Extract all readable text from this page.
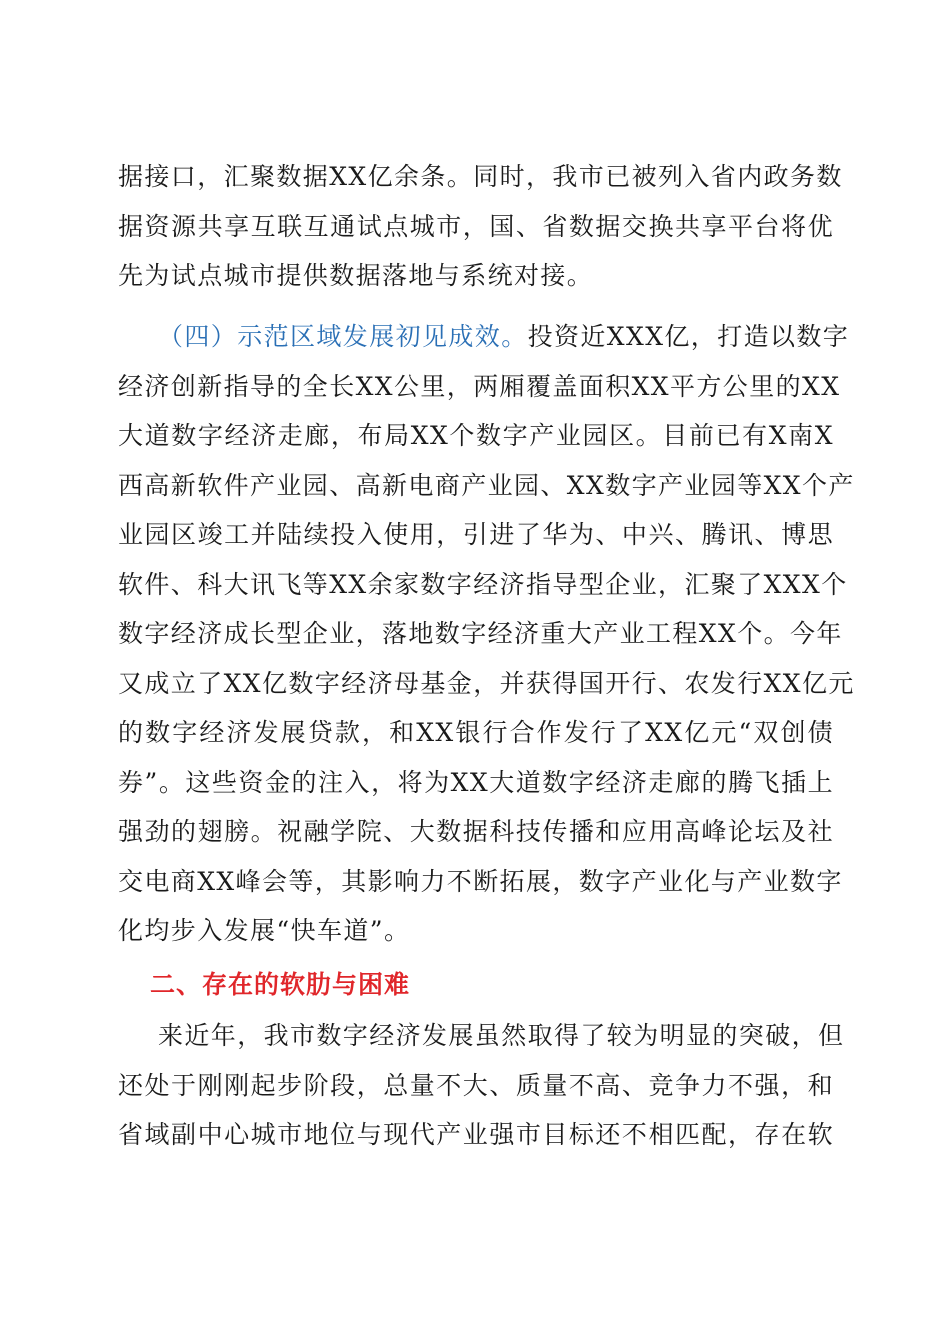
据接口，汇聚数据XX亿余条。同时，我市已被列入省内政务数
据资源共享互联互通试点城市，国、省数据交换共享平台将优
先为试点城市提供数据落地与系统对接。

（四）示范区域发展初见成效。投资近XXX亿，打造以数字
经济创新指导的全长XX公里，两厢覆盖面积XX平方公里的XX
大道数字经济走廊，布局XX个数字产业园区。目前已有X南X
西高新软件产业园、高新电商产业园、XX数字产业园等XX个产
业园区竣工并陆续投入使用，引进了华为、中兴、腾讯、博思
软件、科大讯飞等XX余家数字经济指导型企业，汇聚了XXX个
数字经济成长型企业，落地数字经济重大产业工程XX个。今年
又成立了XX亿数字经济母基金，并获得国开行、农发行XX亿元
的数字经济发展贷款，和XX银行合作发行了XX亿元“双创债
券”。这些资金的注入，将为XX大道数字经济走廊的腾飞插上
强劲的翅膀。祝融学院、大数据科技传播和应用高峰论坛及社
交电商XX峰会等，其影响力不断拓展，数字产业化与产业数字
化均步入发展“快车道”。

二、存在的软肋与困难

来近年，我市数字经济发展虽然取得了较为明显的突破，但
还处于刚刚起步阶段，总量不大、质量不高、竞争力不强，和
省域副中心城市地位与现代产业强市目标还不相匹配，存在软
